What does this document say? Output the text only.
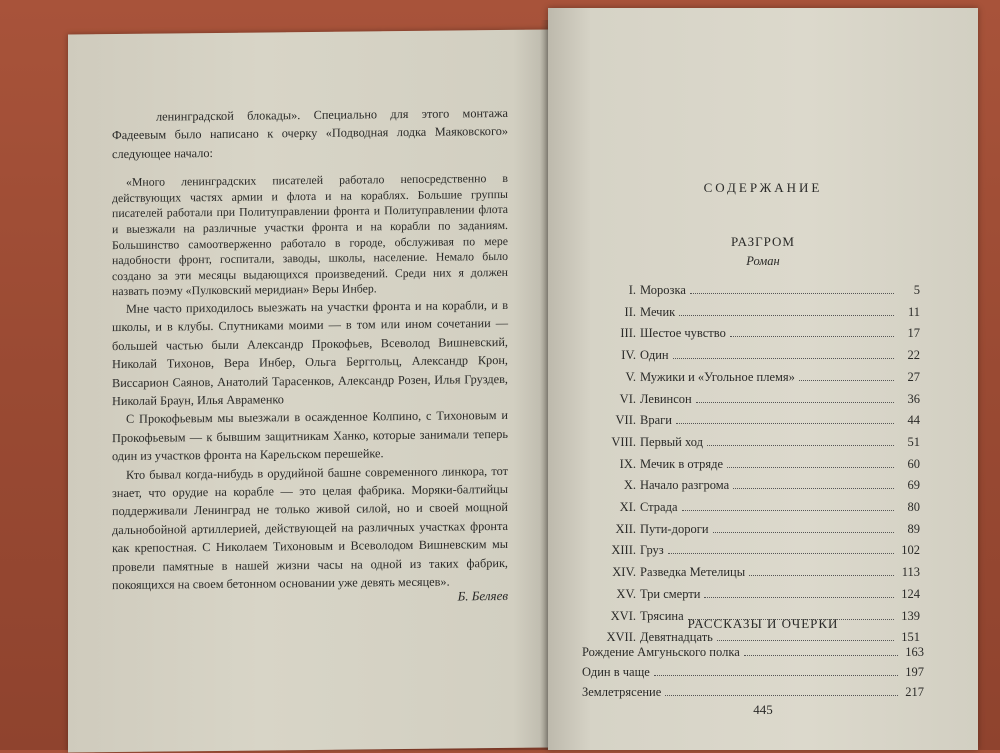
ленинградской блокады». Специально для этого монтажа Фадеевым было написано к очерку «Подводная лодка Маяковского» следующее начало:

«Много ленинградских писателей работало непосредственно в действующих частях армии и флота и на кораблях. Большие группы писателей работали при Политуправлении фронта и Политуправлении флота и выезжали на различные участки фронта и на корабли по заданиям. Большинство самоотверженно работало в городе, обслуживая по мере надобности фронт, госпитали, заводы, школы, население. Немало было создано за эти месяцы выдающихся произведений. Среди них я должен назвать поэму «Пулковский меридиан» Веры Инбер.

Мне часто приходилось выезжать на участки фронта и на корабли, и в школы, и в клубы. Спутниками моими — в том или ином сочетании — большей частью были Александр Прокофьев, Всеволод Вишневский, Николай Тихонов, Вера Инбер, Ольга Берггольц, Александр Крон, Виссарион Саянов, Анатолий Тарасенков, Александр Розен, Илья Груздев, Николай Браун, Илья Авраменко

С Прокофьевым мы выезжали в осажденное Колпино, с Тихоновым и Прокофьевым — к бывшим защитникам Ханко, которые занимали теперь один из участков фронта на Карельском перешейке.

Кто бывал когда-нибудь в орудийной башне современного линкора, тот знает, что орудие на корабле — это целая фабрика. Моряки-балтийцы поддерживали Ленинград не только живой силой, но и своей мощной дальнобойной артиллерией, действующей на различных участках фронта как крепостная. С Николаем Тихоновым и Всеволодом Вишневским мы провели памятные в нашей жизни часы на одной из таких фабрик, покоящихся на своем бетонном основании уже девять месяцев».

Б. Беляев
СОДЕРЖАНИЕ
РАЗГРОМ
Роман
I. Морозка	5
II. Мечик	11
III. Шестое чувство	17
IV. Один	22
V. Мужики и «Угольное племя»	27
VI. Левинсон	36
VII. Враги	44
VIII. Первый ход	51
IX. Мечик в отряде	60
X. Начало разгрома	69
XI. Страда	80
XII. Пути-дороги	89
XIII. Груз	102
XIV. Разведка Метелицы	113
XV. Три смерти	124
XVI. Трясина	139
XVII. Девятнадцать	151
РАССКАЗЫ И ОЧЕРКИ
Рождение Амгуньского полка	163
Один в чаще	197
Землетрясение	217
445
